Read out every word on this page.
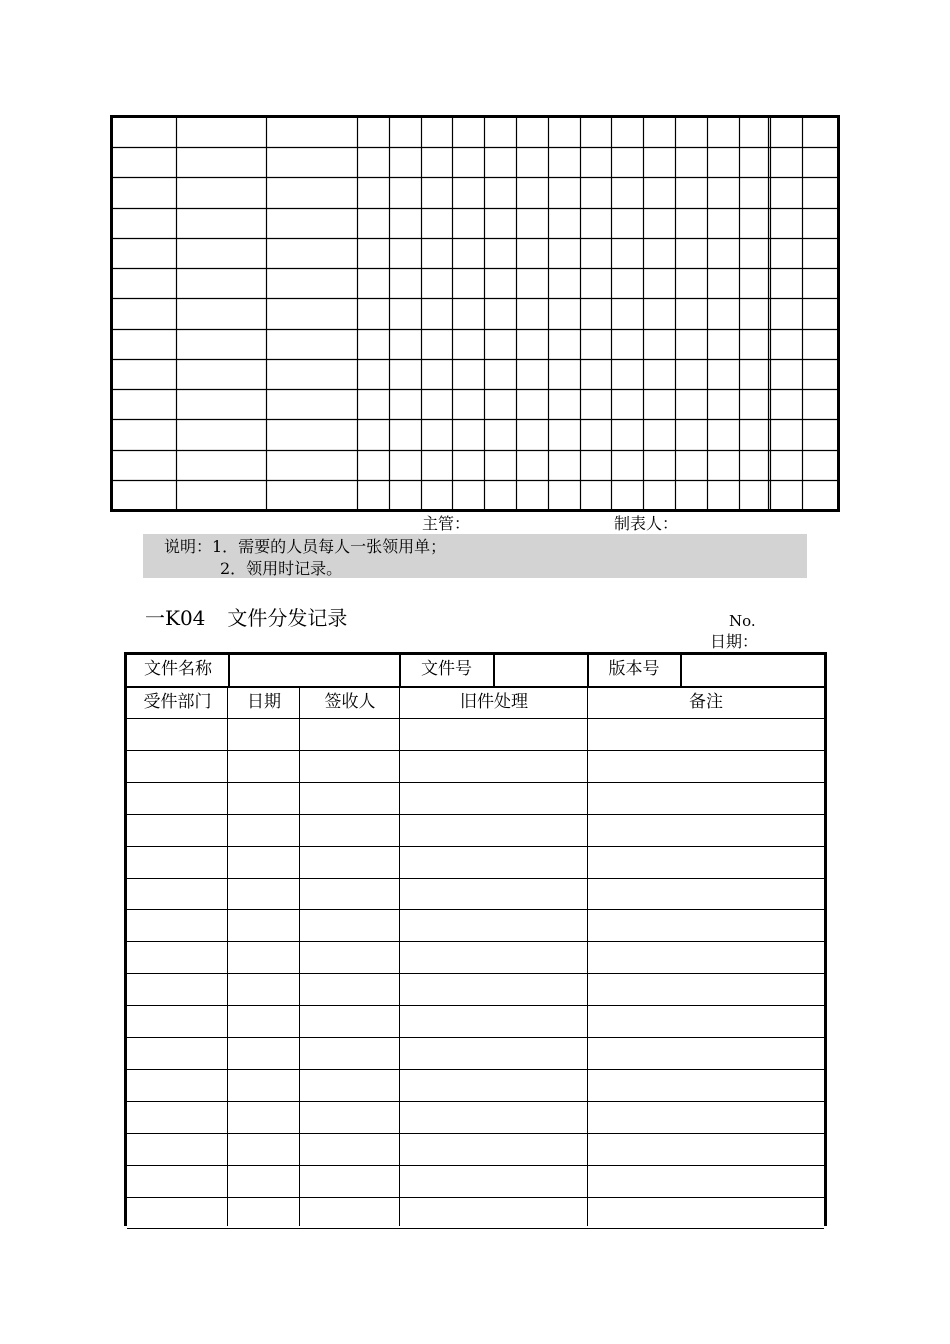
主管：	制表人：
说明：1．需要的人员每人一张领用单；
2．领用时记录。
一K04 文件分发记录	No.
日期：
文件名称	文件号	版本号
受件部门	日期	签收人	旧件处理	备注
